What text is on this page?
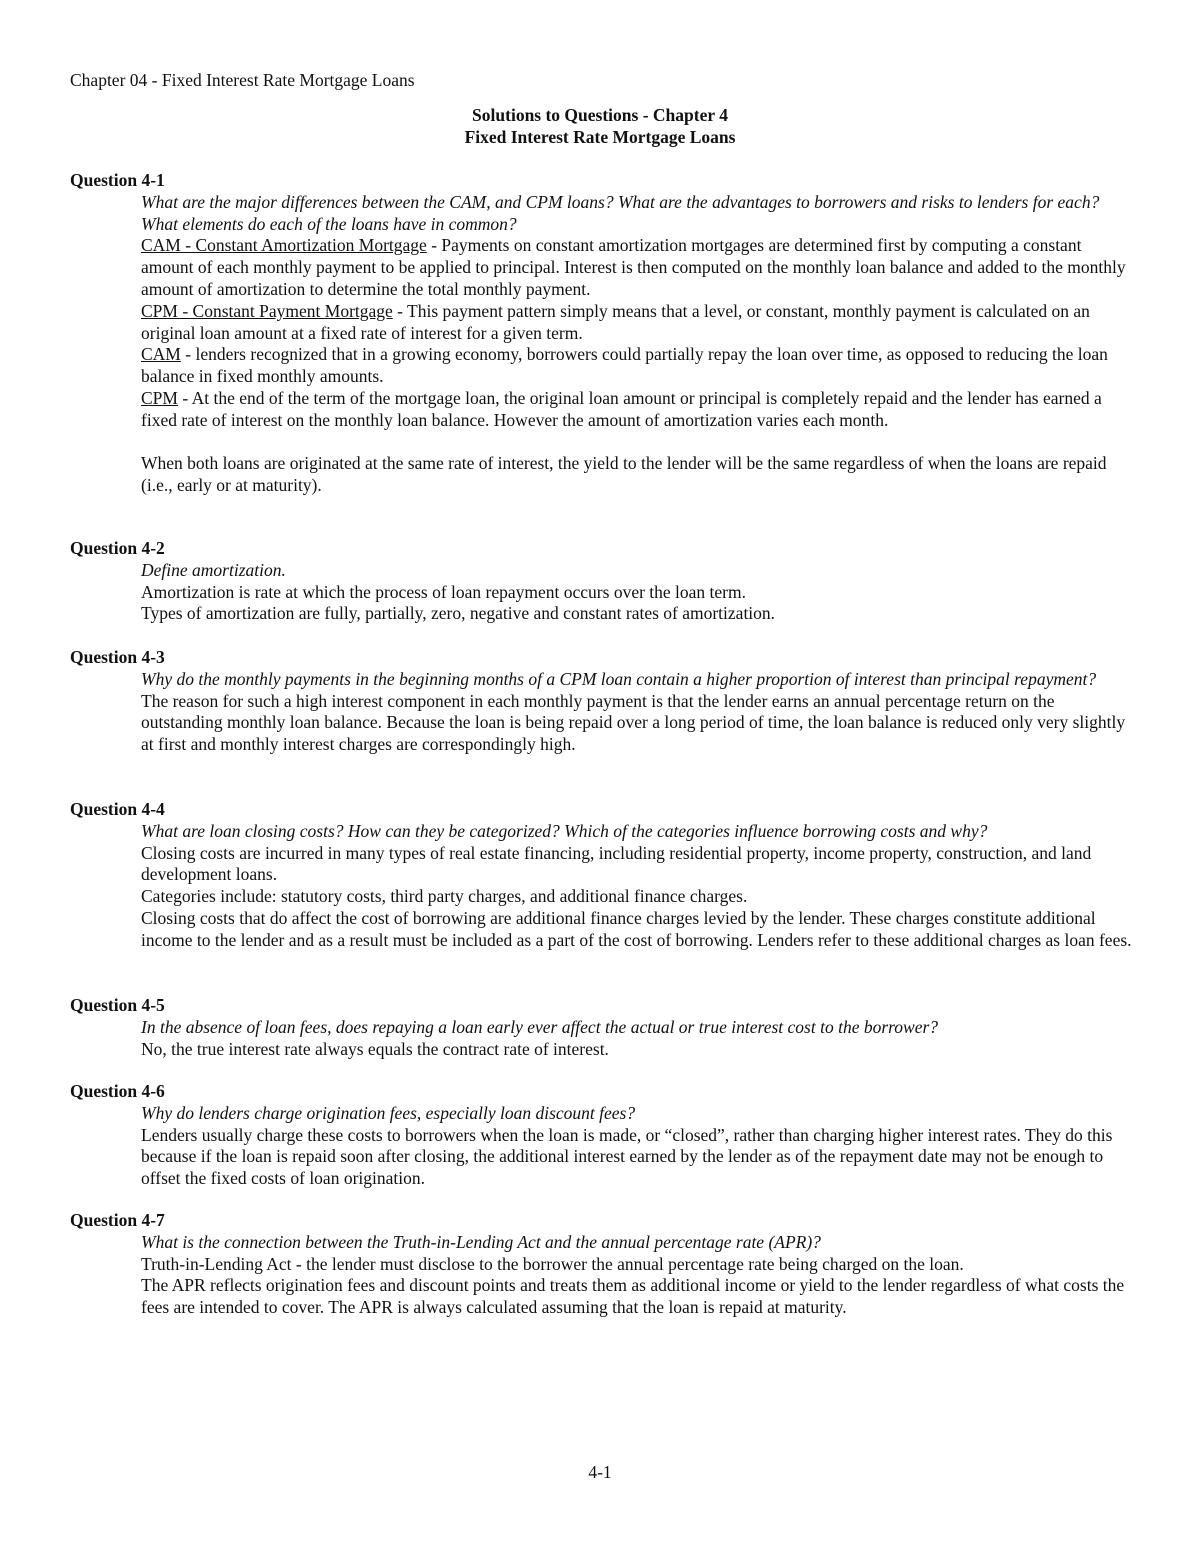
Chapter 04 - Fixed Interest Rate Mortgage Loans
Solutions to Questions - Chapter 4
Fixed Interest Rate Mortgage Loans
Question 4-1
What are the major differences between the CAM, and CPM loans? What are the advantages to borrowers and risks to lenders for each? What elements do each of the loans have in common?
CAM - Constant Amortization Mortgage - Payments on constant amortization mortgages are determined first by computing a constant amount of each monthly payment to be applied to principal. Interest is then computed on the monthly loan balance and added to the monthly amount of amortization to determine the total monthly payment.
CPM - Constant Payment Mortgage - This payment pattern simply means that a level, or constant, monthly payment is calculated on an original loan amount at a fixed rate of interest for a given term.
CAM - lenders recognized that in a growing economy, borrowers could partially repay the loan over time, as opposed to reducing the loan balance in fixed monthly amounts.
CPM - At the end of the term of the mortgage loan, the original loan amount or principal is completely repaid and the lender has earned a fixed rate of interest on the monthly loan balance. However the amount of amortization varies each month.
When both loans are originated at the same rate of interest, the yield to the lender will be the same regardless of when the loans are repaid (i.e., early or at maturity).
Question 4-2
Define amortization.
Amortization is rate at which the process of loan repayment occurs over the loan term.
Types of amortization are fully, partially, zero, negative and constant rates of amortization.
Question 4-3
Why do the monthly payments in the beginning months of a CPM loan contain a higher proportion of interest than principal repayment?
The reason for such a high interest component in each monthly payment is that the lender earns an annual percentage return on the outstanding monthly loan balance. Because the loan is being repaid over a long period of time, the loan balance is reduced only very slightly at first and monthly interest charges are correspondingly high.
Question 4-4
What are loan closing costs? How can they be categorized? Which of the categories influence borrowing costs and why?
Closing costs are incurred in many types of real estate financing, including residential property, income property, construction, and land development loans.
Categories include: statutory costs, third party charges, and additional finance charges.
Closing costs that do affect the cost of borrowing are additional finance charges levied by the lender. These charges constitute additional income to the lender and as a result must be included as a part of the cost of borrowing. Lenders refer to these additional charges as loan fees.
Question 4-5
In the absence of loan fees, does repaying a loan early ever affect the actual or true interest cost to the borrower?
No, the true interest rate always equals the contract rate of interest.
Question 4-6
Why do lenders charge origination fees, especially loan discount fees?
Lenders usually charge these costs to borrowers when the loan is made, or “closed”, rather than charging higher interest rates. They do this because if the loan is repaid soon after closing, the additional interest earned by the lender as of the repayment date may not be enough to offset the fixed costs of loan origination.
Question 4-7
What is the connection between the Truth-in-Lending Act and the annual percentage rate (APR)?
Truth-in-Lending Act - the lender must disclose to the borrower the annual percentage rate being charged on the loan.
The APR reflects origination fees and discount points and treats them as additional income or yield to the lender regardless of what costs the fees are intended to cover. The APR is always calculated assuming that the loan is repaid at maturity.
4-1
